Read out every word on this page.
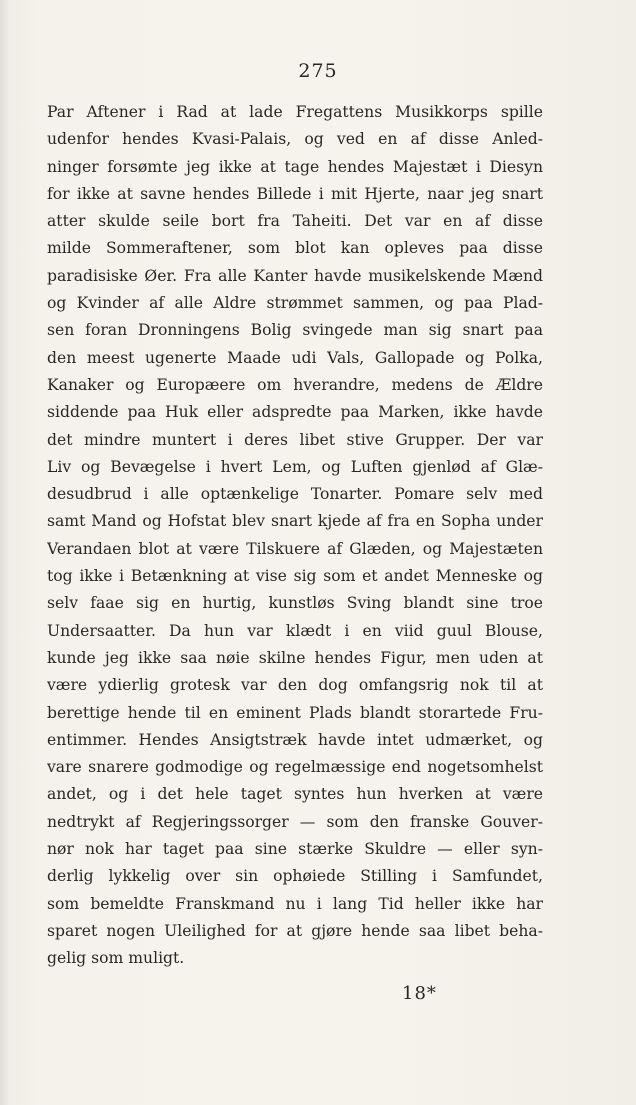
275
Par Aftener i Rad at lade Fregattens Musikkorps spille
udenfor hendes Kvasi-Palais, og ved en af disse Anled-
ninger forsømte jeg ikke at tage hendes Majestæt i Diesyn
for ikke at savne hendes Billede i mit Hjerte, naar jeg snart
atter skulde seile bort fra Taheiti. Det var en af disse
milde Sommeraftener, som blot kan opleves paa disse
paradisiske Øer. Fra alle Kanter havde musikelskende Mænd
og Kvinder af alle Aldre strømmet sammen, og paa Plad-
sen foran Dronningens Bolig svingede man sig snart paa
den meest ugenerte Maade udi Vals, Gallopade og Polka,
Kanaker og Europæere om hverandre, medens de Ældre
siddende paa Huk eller adspredte paa Marken, ikke havde
det mindre muntert i deres libet stive Grupper. Der var
Liv og Bevægelse i hvert Lem, og Luften gjenlød af Glæ-
desudbrud i alle optænkelige Tonarter. Pomare selv med
samt Mand og Hofstat blev snart kjede af fra en Sopha under
Verandaen blot at være Tilskuere af Glæden, og Majestæten
tog ikke i Betænkning at vise sig som et andet Menneske og
selv faae sig en hurtig, kunstløs Sving blandt sine troe
Undersaatter. Da hun var klædt i en viid guul Blouse,
kunde jeg ikke saa nøie skilne hendes Figur, men uden at
være ydierlig grotesk var den dog omfangsrig nok til at
berettige hende til en eminent Plads blandt storartede Fru-
entimmer. Hendes Ansigtstræk havde intet udmærket, og
vare snarere godmodige og regelmæssige end nogetsomhelst
andet, og i det hele taget syntes hun hverken at være
nedtrykt af Regjeringssorger — som den franske Gouver-
nør nok har taget paa sine stærke Skuldre — eller syn-
derlig lykkelig over sin ophøiede Stilling i Samfundet,
som bemeldte Franskmand nu i lang Tid heller ikke har
sparet nogen Uleilighed for at gjøre hende saa libet beha-
gelig som muligt.
18*
